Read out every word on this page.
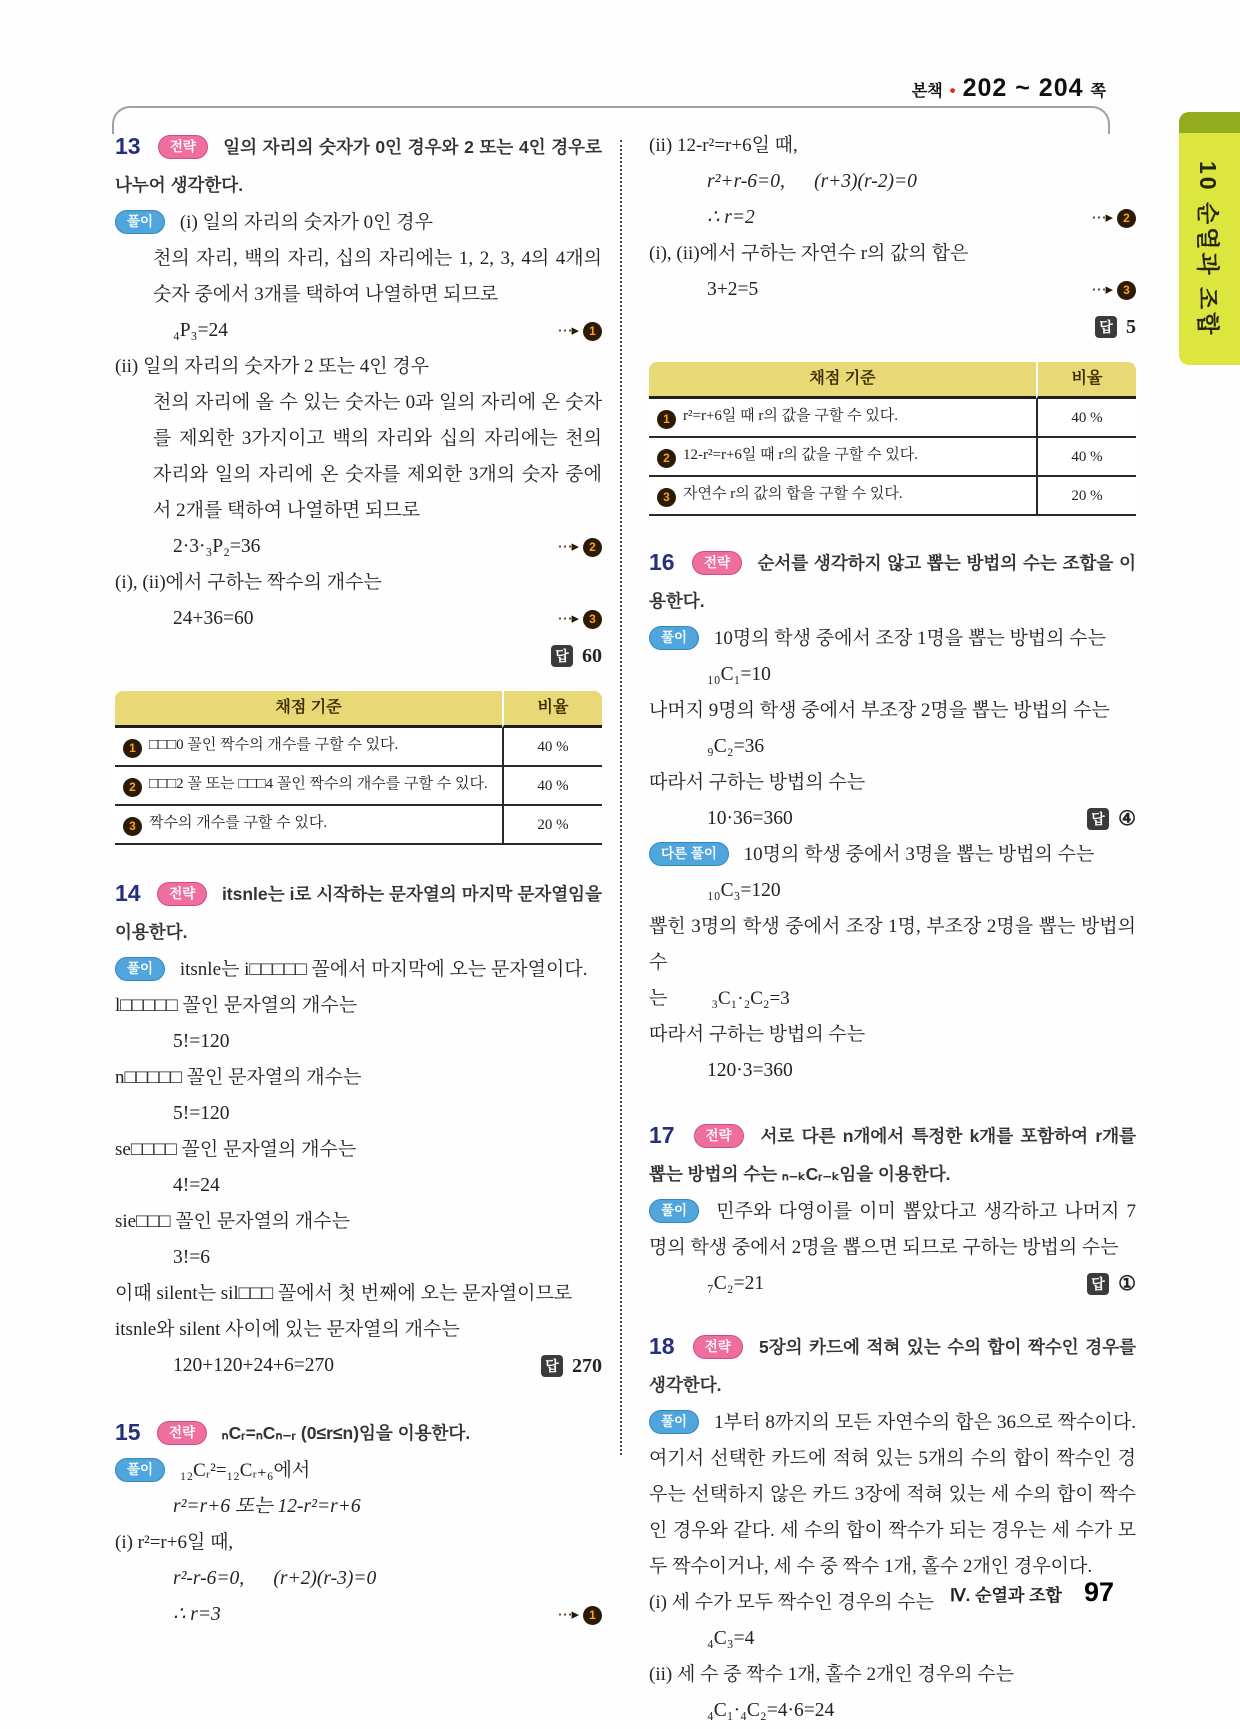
본책 • 202 ~ 204 쪽
10 순열과 조합
Ⅳ. 순열과 조합 97
13 전략 일의 자리의 숫자가 0인 경우와 2 또는 4인 경우로 나누어 생각한다.
풀이 (i) 일의 자리의 숫자가 0인 경우
천의 자리, 백의 자리, 십의 자리에는 1, 2, 3, 4의 4개의 숫자 중에서 3개를 택하여 나열하면 되므로
₄P₃=24	⋯▸ 1
(ii) 일의 자리의 숫자가 2 또는 4인 경우
천의 자리에 올 수 있는 숫자는 0과 일의 자리에 온 숫자를 제외한 3가지이고 백의 자리와 십의 자리에는 천의 자리와 일의 자리에 온 숫자를 제외한 3개의 숫자 중에서 2개를 택하여 나열하면 되므로
2·3·₃P₂=36	⋯▸ 2
(i), (ii)에서 구하는 짝수의 개수는
24+36=60	⋯▸ 3
답 60
채점 기준	비율
1 □□□0 꼴인 짝수의 개수를 구할 수 있다.	40 %
2 □□□2 꼴 또는 □□□4 꼴인 짝수의 개수를 구할 수 있다.	40 %
3 짝수의 개수를 구할 수 있다.	20 %
14 전략 itsnle는 i로 시작하는 문자열의 마지막 문자열임을 이용한다.
풀이 itsnle는 i□□□□□ 꼴에서 마지막에 오는 문자열이다.
l□□□□□ 꼴인 문자열의 개수는
5!=120
n□□□□□ 꼴인 문자열의 개수는
5!=120
se□□□□ 꼴인 문자열의 개수는
4!=24
sie□□□ 꼴인 문자열의 개수는
3!=6
이때 silent는 sil□□□ 꼴에서 첫 번째에 오는 문자열이므로
itsnle와 silent 사이에 있는 문자열의 개수는
120+120+24+6=270	답 270
15 전략 ₙCᵣ=ₙCₙ₋ᵣ (0≤r≤n)임을 이용한다.
풀이 ₁₂Cᵣ²=₁₂Cᵣ₊₆에서
r²=r+6 또는 12-r²=r+6
(i) r²=r+6일 때,
r²-r-6=0,      (r+2)(r-3)=0
∴ r=3	⋯▸ 1
(ii) 12-r²=r+6일 때,
r²+r-6=0,      (r+3)(r-2)=0
∴ r=2	⋯▸ 2
(i), (ii)에서 구하는 자연수 r의 값의 합은
3+2=5	⋯▸ 3
답 5
채점 기준	비율
1 r²=r+6일 때 r의 값을 구할 수 있다.	40 %
2 12-r²=r+6일 때 r의 값을 구할 수 있다.	40 %
3 자연수 r의 값의 합을 구할 수 있다.	20 %
16 전략 순서를 생각하지 않고 뽑는 방법의 수는 조합을 이용한다.
풀이 10명의 학생 중에서 조장 1명을 뽑는 방법의 수는
₁₀C₁=10
나머지 9명의 학생 중에서 부조장 2명을 뽑는 방법의 수는
₉C₂=36
따라서 구하는 방법의 수는
10·36=360	답 ④
다른 풀이 10명의 학생 중에서 3명을 뽑는 방법의 수는
₁₀C₃=120
뽑힌 3명의 학생 중에서 조장 1명, 부조장 2명을 뽑는 방법의 수
는 ₃C₁·₂C₂=3
따라서 구하는 방법의 수는
120·3=360
17 전략 서로 다른 n개에서 특정한 k개를 포함하여 r개를 뽑는 방법의 수는 ₙ₋ₖCᵣ₋ₖ임을 이용한다.
풀이 민주와 다영이를 이미 뽑았다고 생각하고 나머지 7명의 학생 중에서 2명을 뽑으면 되므로 구하는 방법의 수는
₇C₂=21	답 ①
18 전략 5장의 카드에 적혀 있는 수의 합이 짝수인 경우를 생각한다.
풀이 1부터 8까지의 모든 자연수의 합은 36으로 짝수이다. 여기서 선택한 카드에 적혀 있는 5개의 수의 합이 짝수인 경우는 선택하지 않은 카드 3장에 적혀 있는 세 수의 합이 짝수인 경우와 같다. 세 수의 합이 짝수가 되는 경우는 세 수가 모두 짝수이거나, 세 수 중 짝수 1개, 홀수 2개인 경우이다.
(i) 세 수가 모두 짝수인 경우의 수는
₄C₃=4
(ii) 세 수 중 짝수 1개, 홀수 2개인 경우의 수는
₄C₁·₄C₂=4·6=24
